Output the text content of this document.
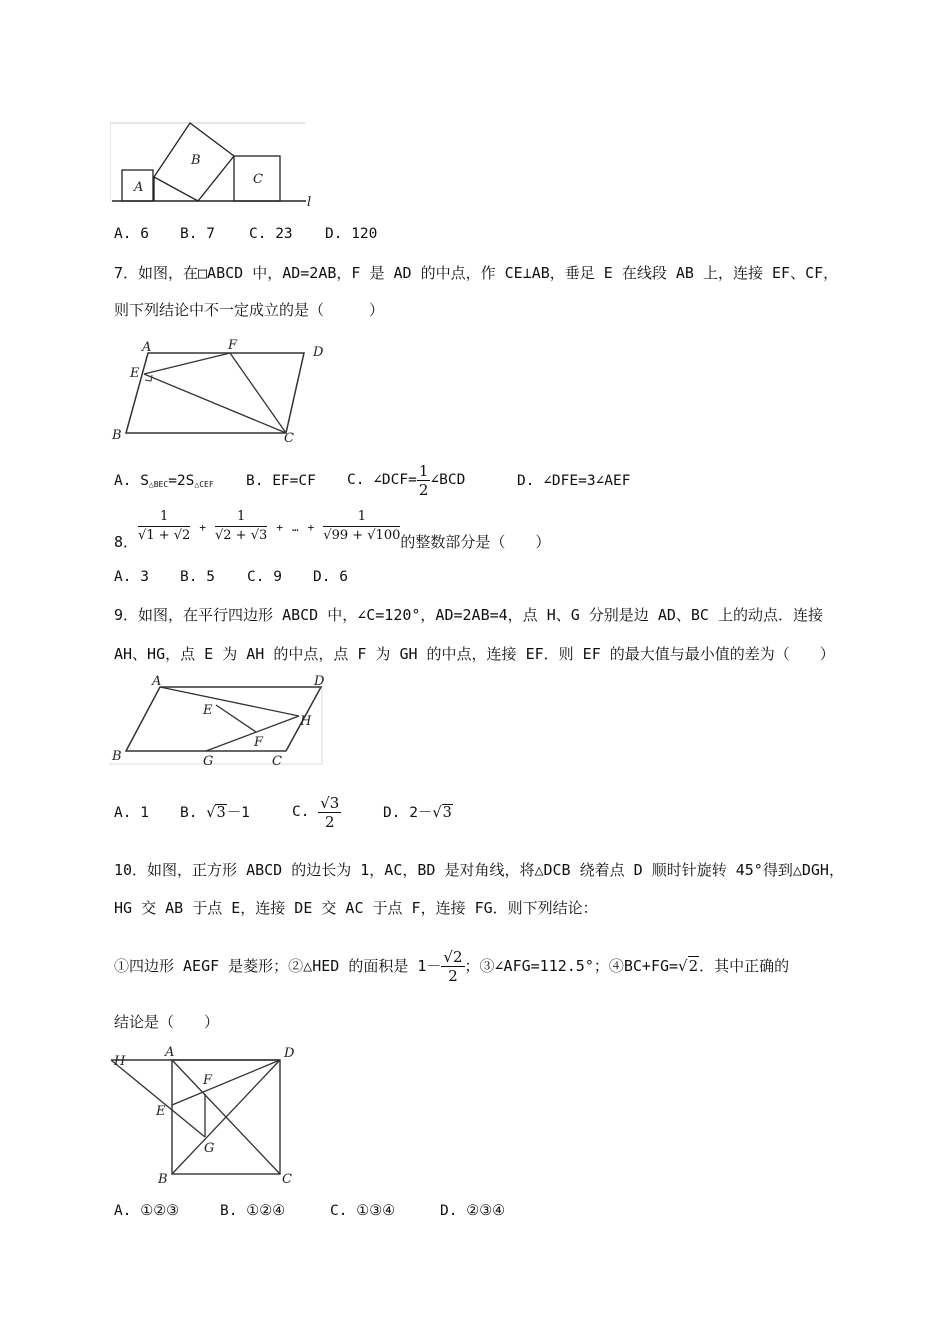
A
B
C
l
A. 6 B. 7 C. 23 D. 120
7．如图，在□ABCD 中，AD=2AB，F 是 AD 的中点，作 CE⊥AB，垂足 E 在线段 AB 上，连接 EF、CF，
则下列结论中不一定成立的是（　　　）
A	F	D
E
B	C
A. $S_{\triangle BEC}=2S_{\triangle CEF}$ B. EF=CF C. ∠DCF= $\frac{1}{2}$ ∠BCD	D. ∠DFE=3∠AEF
8． $\frac{1}{√1 + √2} + \frac{1}{√2 + √3}$ + … + $\frac{1}{√99 + √100}$ 的整数部分是（　　）
A. 3 B. 5 C. 9 D. 6
9．如图，在平行四边形 ABCD 中，∠C=120°，AD=2AB=4，点 H、G 分别是边 AD、BC 上的动点．连接
AH、HG，点 E 为 AH 的中点，点 F 为 GH 的中点，连接 EF．则 EF 的最大值与最小值的差为（　　）
A	D
E
H
F
B	G	C
A. 1 B. √3－1	C. $\frac{√3}{2}$	D. 2－√3
10．如图，正方形 ABCD 的边长为 1，AC，BD 是对角线，将△DCB 绕着点 D 顺时针旋转 45°得到△DGH，
HG 交 AB 于点 E，连接 DE 交 AC 于点 F，连接 FG．则下列结论：
①四边形 AEGF 是菱形；②△HED 的面积是 $1- \frac{√2}{2}$ ；③∠AFG=112.5°；④BC+FG=√2．其中正确的
结论是（　　）
H
A	D
F
E
G
B	C
A. ①②③	B. ①②④	C. ①③④	D. ②③④
